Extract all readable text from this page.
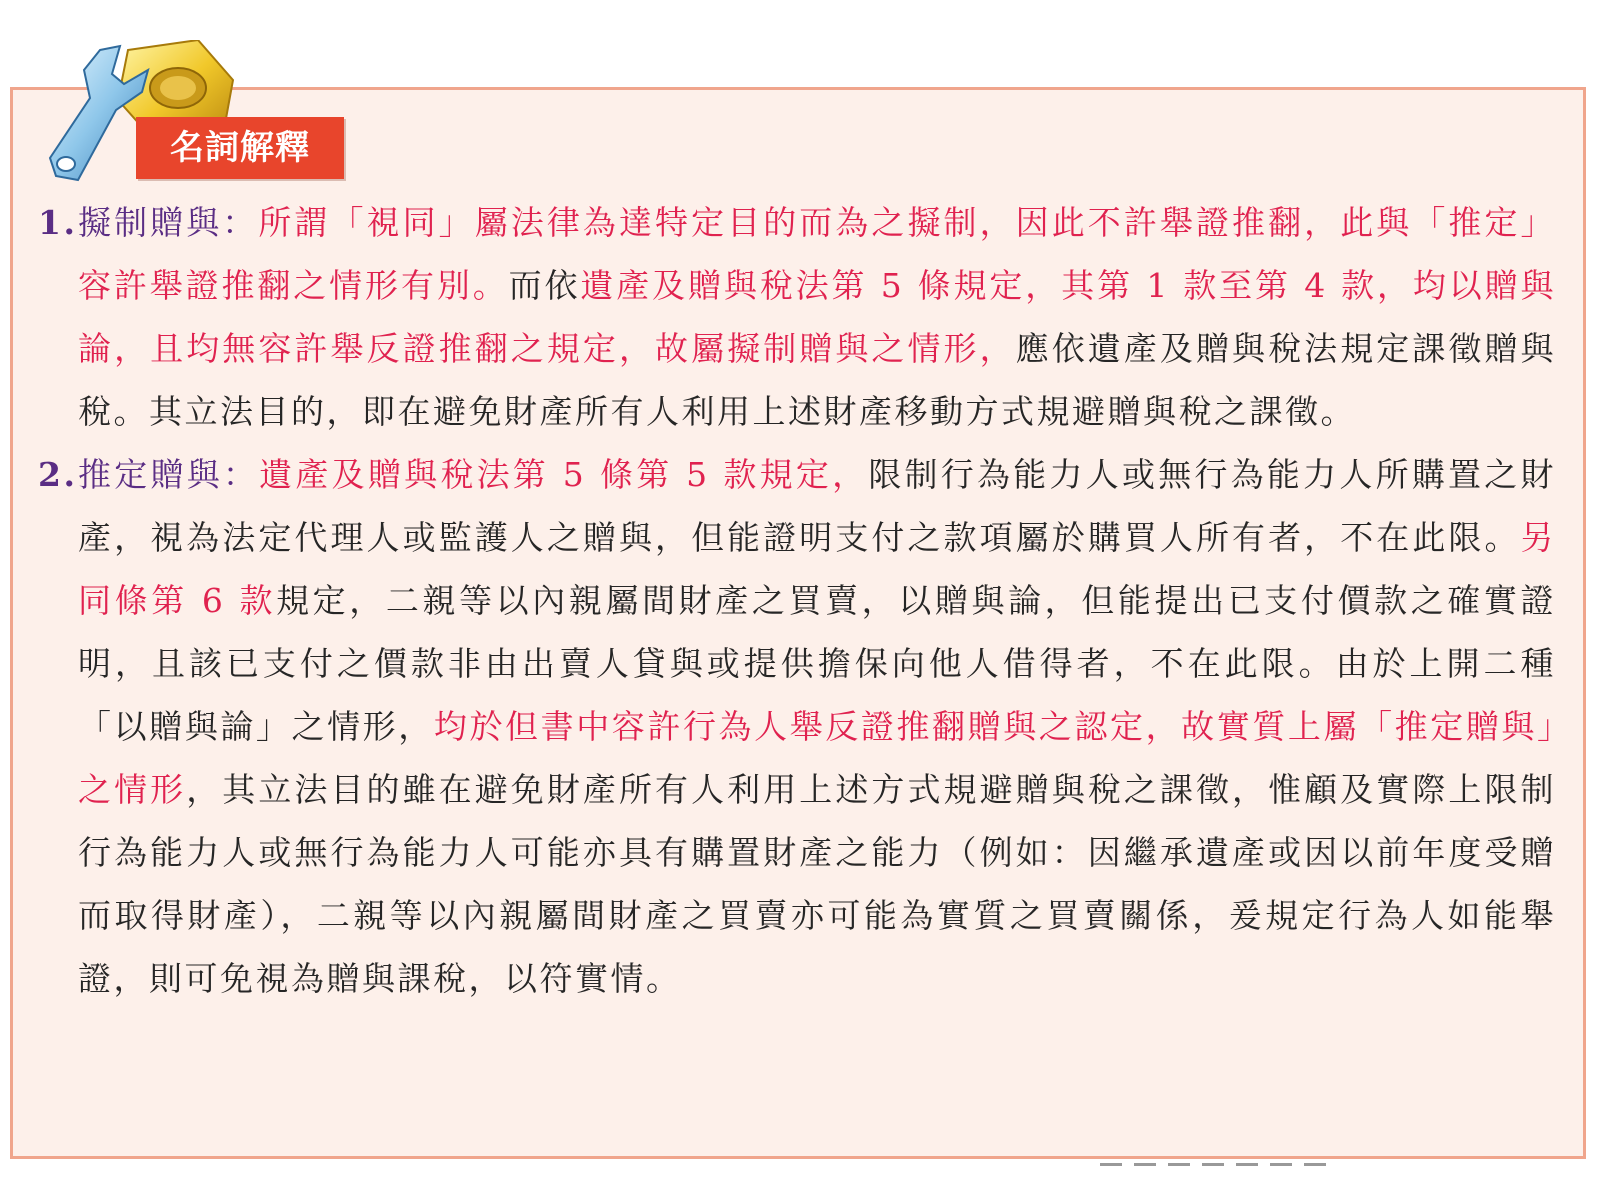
名詞解釋
1. 擬制贈與：所謂「視同」屬法律為達特定目的而為之擬制，因此不許舉證推翻，此與「推定」容許舉證推翻之情形有別。而依遺產及贈與稅法第 5 條規定，其第 1 款至第 4 款，均以贈與論，且均無容許舉反證推翻之規定，故屬擬制贈與之情形，應依遺產及贈與稅法規定課徵贈與稅。其立法目的，即在避免財產所有人利用上述財產移動方式規避贈與稅之課徵。
2. 推定贈與：遺產及贈與稅法第 5 條第 5 款規定，限制行為能力人或無行為能力人所購置之財產，視為法定代理人或監護人之贈與，但能證明支付之款項屬於購買人所有者，不在此限。另同條第 6 款規定，二親等以內親屬間財產之買賣，以贈與論，但能提出已支付價款之確實證明，且該已支付之價款非由出賣人貸與或提供擔保向他人借得者，不在此限。由於上開二種「以贈與論」之情形，均於但書中容許行為人舉反證推翻贈與之認定，故實質上屬「推定贈與」之情形，其立法目的雖在避免財產所有人利用上述方式規避贈與稅之課徵，惟顧及實際上限制行為能力人或無行為能力人可能亦具有購置財產之能力（例如：因繼承遺產或因以前年度受贈而取得財產），二親等以內親屬間財產之買賣亦可能為實質之買賣關係，爰規定行為人如能舉證，則可免視為贈與課稅，以符實情。
